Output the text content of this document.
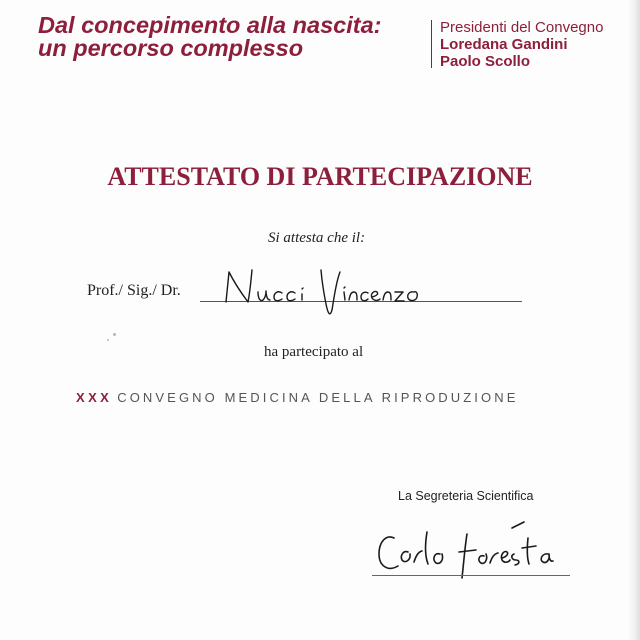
Dal concepimento alla nascita:
un percorso complesso
Presidenti del Convegno
Loredana Gandini
Paolo Scollo
ATTESTATO DI PARTECIPAZIONE
Si attesta che il:
Prof./ Sig./ Dr.
ha partecipato al
XXX CONVEGNO MEDICINA DELLA RIPRODUZIONE
La Segreteria Scientifica
